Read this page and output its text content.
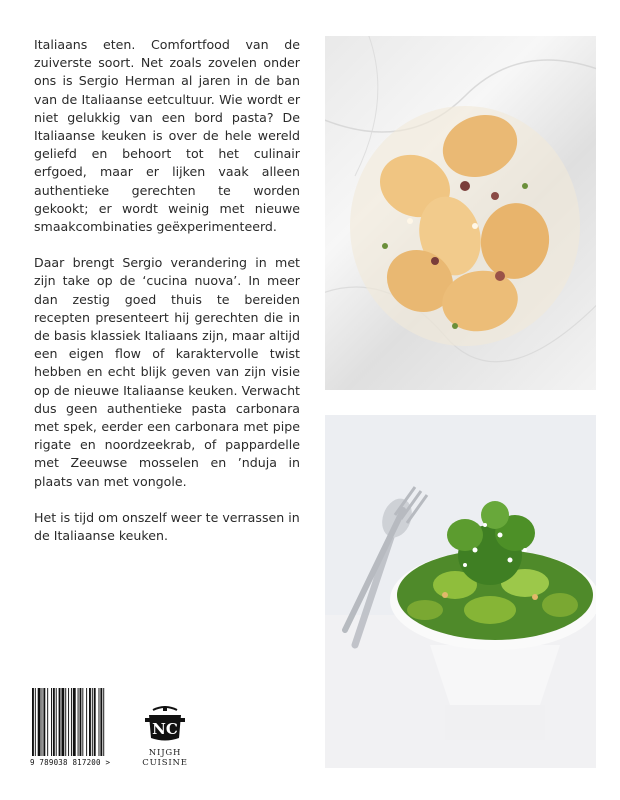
Italiaans eten. Comfortfood van de zuiverste soort. Net zoals zovelen onder ons is Sergio Herman al jaren in de ban van de Italiaanse eetcultuur. Wie wordt er niet gelukkig van een bord pasta? De Italiaanse keuken is over de hele wereld geliefd en behoort tot het culinair erfgoed, maar er lijken vaak alleen authentieke gerechten te worden gekookt; er wordt weinig met nieuwe smaakcombinaties geëxperimenteerd.

Daar brengt Sergio verandering in met zijn take op de ‘cucina nuova’. In meer dan zestig goed thuis te bereiden recepten presenteert hij gerechten die in de basis klassiek Italiaans zijn, maar altijd een eigen flow of karaktervolle twist hebben en echt blijk geven van zijn visie op de nieuwe Italiaanse keuken. Verwacht dus geen authentieke pasta carbonara met spek, eerder een carbonara met pipe rigate en noordzeekrab, of pappardelle met Zeeuwse mosselen en ’nduja in plaats van met vongole.

Het is tijd om onszelf weer te verrassen in de Italiaanse keuken.

9 789038 817200 >
NC
NIJGH
CUISINE
